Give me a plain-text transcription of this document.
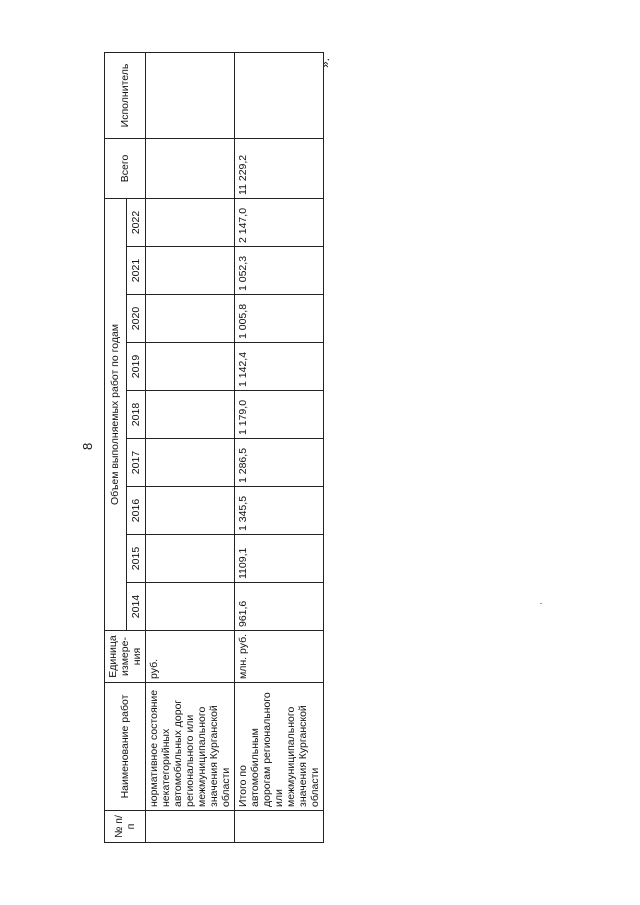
8
».
№ п/п	Наименование работ	Единица измере-ния	Объем выполняемых работ по годам									Всего	Исполнитель
			2014	2015	2016	2017	2018	2019	2020	2021	2022		
	нормативное состояние некатегорийных автомобильных дорог регионального или межмуниципального значения Курганской области	руб.											
	Итого по автомобильным дорогам регионального или межмуниципального значения Курганской области	млн. руб.	961,6	1109,1	1 345,5	1 286,5	1 179,0	1 142,4	1 005,8	1 052,3	2 147,0	11 229,2	
